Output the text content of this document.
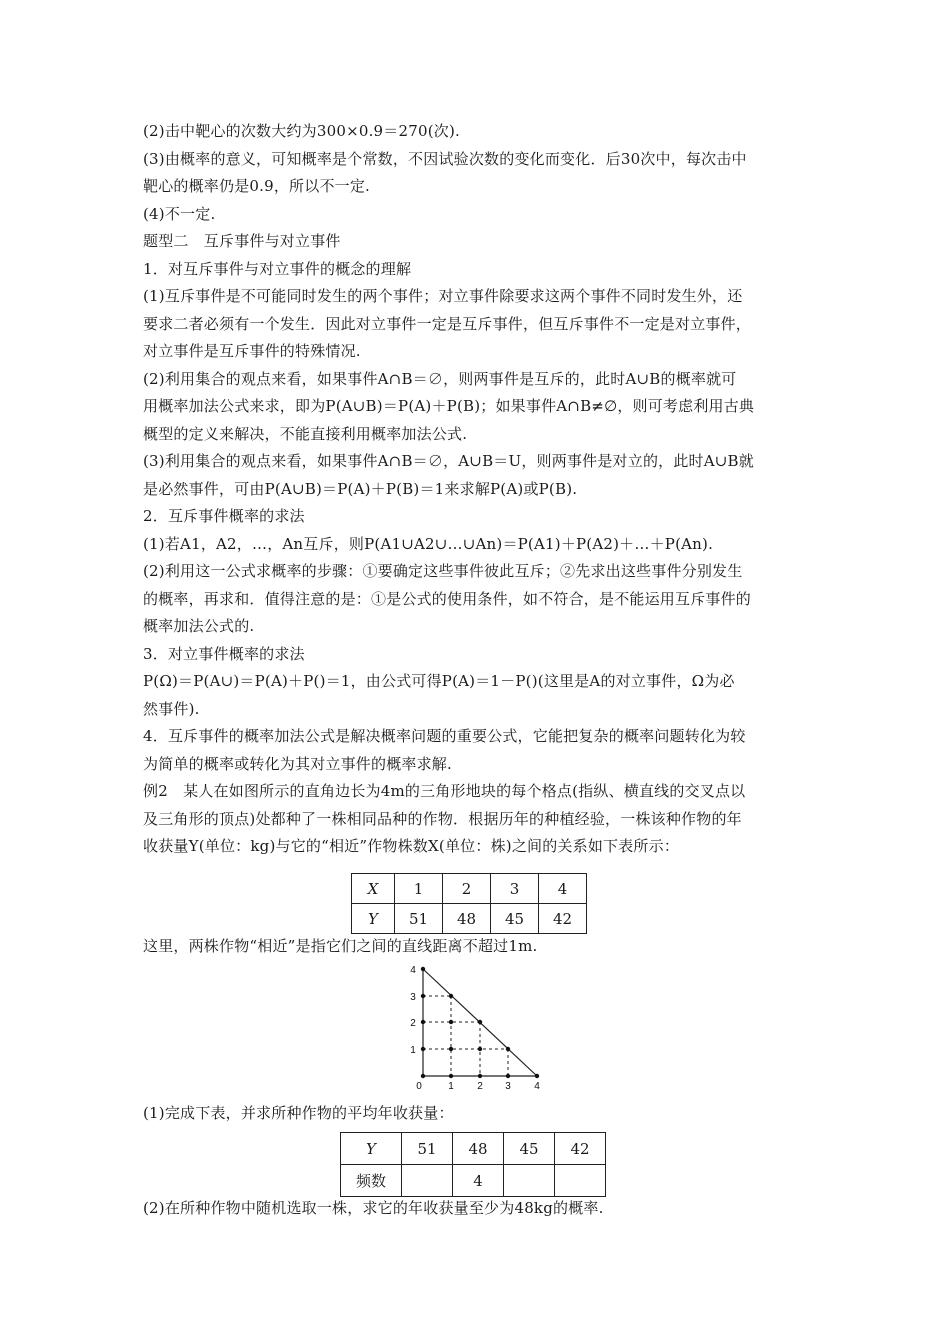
(2)击中靶心的次数大约为300×0.9＝270(次).
(3)由概率的意义，可知概率是个常数，不因试验次数的变化而变化．后30次中，每次击中
靶心的概率仍是0.9，所以不一定.
(4)不一定.
题型二　互斥事件与对立事件
1．对互斥事件与对立事件的概念的理解
(1)互斥事件是不可能同时发生的两个事件；对立事件除要求这两个事件不同时发生外，还
要求二者必须有一个发生．因此对立事件一定是互斥事件，但互斥事件不一定是对立事件，
对立事件是互斥事件的特殊情况.
(2)利用集合的观点来看，如果事件A∩B＝∅，则两事件是互斥的，此时A∪B的概率就可
用概率加法公式来求，即为P(A∪B)＝P(A)＋P(B)；如果事件A∩B≠∅，则可考虑利用古典
概型的定义来解决，不能直接利用概率加法公式.
(3)利用集合的观点来看，如果事件A∩B＝∅，A∪B＝U，则两事件是对立的，此时A∪B就
是必然事件，可由P(A∪B)＝P(A)＋P(B)＝1来求解P(A)或P(B).
2．互斥事件概率的求法
(1)若A1，A2，…，An互斥，则P(A1∪A2∪…∪An)＝P(A1)＋P(A2)＋…＋P(An).
(2)利用这一公式求概率的步骤：①要确定这些事件彼此互斥；②先求出这些事件分别发生
的概率，再求和．值得注意的是：①是公式的使用条件，如不符合，是不能运用互斥事件的
概率加法公式的.
3．对立事件概率的求法
P(Ω)＝P(A∪)＝P(A)＋P()＝1，由公式可得P(A)＝1－P()(这里是A的对立事件，Ω为必
然事件).
4．互斥事件的概率加法公式是解决概率问题的重要公式，它能把复杂的概率问题转化为较
为简单的概率或转化为其对立事件的概率求解.
例2　某人在如图所示的直角边长为4m的三角形地块的每个格点(指纵、横直线的交叉点以
及三角形的顶点)处都种了一株相同品种的作物．根据历年的种植经验，一株该种作物的年
收获量Y(单位：kg)与它的“相近”作物株数X(单位：株)之间的关系如下表所示：
X	1	2	3	4
Y	51	48	45	42
这里，两株作物“相近”是指它们之间的直线距离不超过1m.
0	1 2 3 4
1
2
3
4
(1)完成下表，并求所种作物的平均年收获量：
Y	51	48	45	42
频数		4		
(2)在所种作物中随机选取一株，求它的年收获量至少为48kg的概率.
